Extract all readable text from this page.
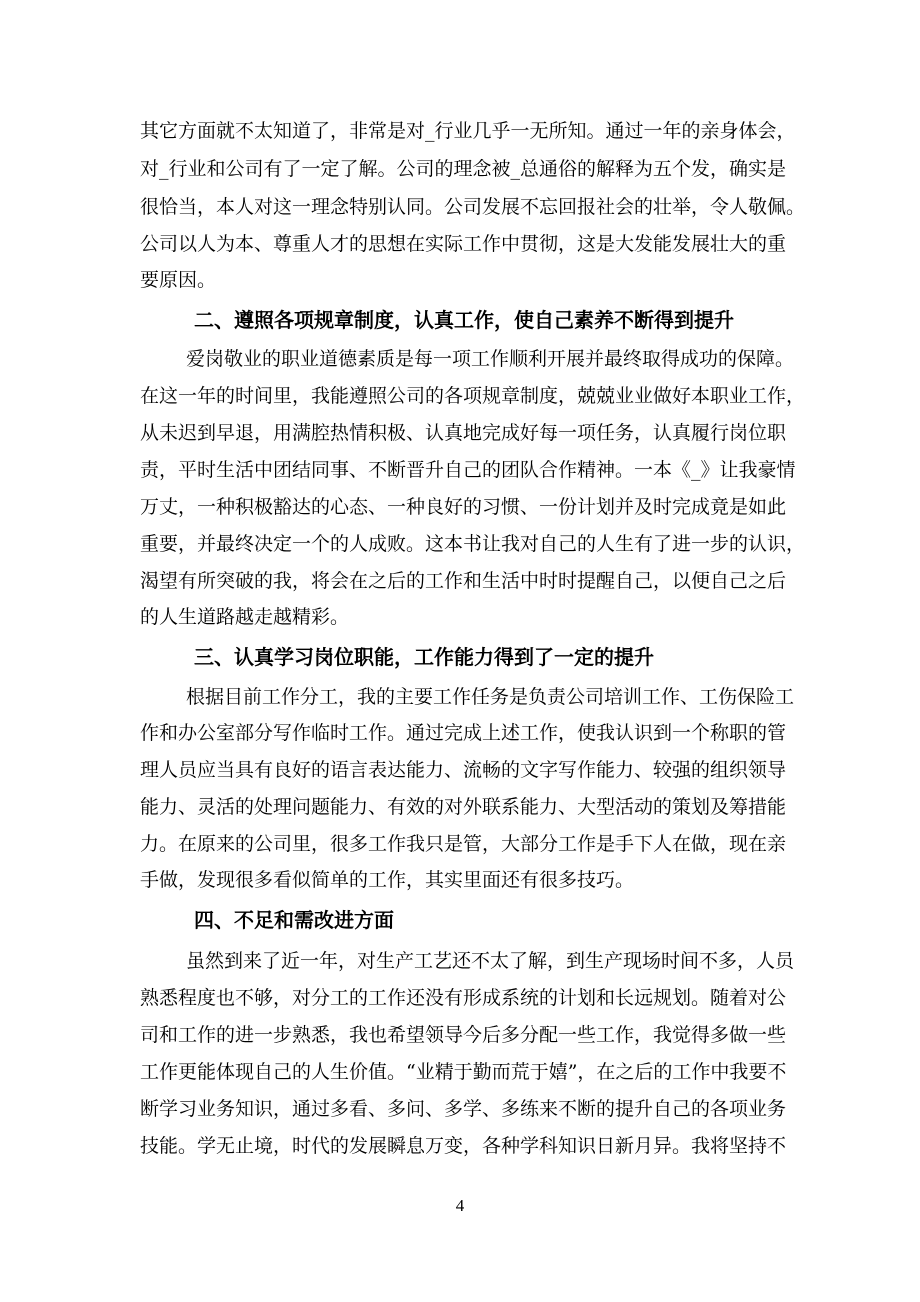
其它方面就不太知道了，非常是对_行业几乎一无所知。通过一年的亲身体会，
对_行业和公司有了一定了解。公司的理念被_总通俗的解释为五个发，确实是
很恰当，本人对这一理念特别认同。公司发展不忘回报社会的壮举，令人敬佩。
公司以人为本、尊重人才的思想在实际工作中贯彻，这是大发能发展壮大的重
要原因。
二、遵照各项规章制度，认真工作，使自己素养不断得到提升
爱岗敬业的职业道德素质是每一项工作顺利开展并最终取得成功的保障。
在这一年的时间里，我能遵照公司的各项规章制度，兢兢业业做好本职业工作，
从未迟到早退，用满腔热情积极、认真地完成好每一项任务，认真履行岗位职
责，平时生活中团结同事、不断晋升自己的团队合作精神。一本《_》让我豪情
万丈，一种积极豁达的心态、一种良好的习惯、一份计划并及时完成竟是如此
重要，并最终决定一个的人成败。这本书让我对自己的人生有了进一步的认识，
渴望有所突破的我，将会在之后的工作和生活中时时提醒自己，以便自己之后
的人生道路越走越精彩。
三、认真学习岗位职能，工作能力得到了一定的提升
根据目前工作分工，我的主要工作任务是负责公司培训工作、工伤保险工
作和办公室部分写作临时工作。通过完成上述工作，使我认识到一个称职的管
理人员应当具有良好的语言表达能力、流畅的文字写作能力、较强的组织领导
能力、灵活的处理问题能力、有效的对外联系能力、大型活动的策划及筹措能
力。在原来的公司里，很多工作我只是管，大部分工作是手下人在做，现在亲
手做，发现很多看似简单的工作，其实里面还有很多技巧。
四、不足和需改进方面
虽然到来了近一年，对生产工艺还不太了解，到生产现场时间不多，人员
熟悉程度也不够，对分工的工作还没有形成系统的计划和长远规划。随着对公
司和工作的进一步熟悉，我也希望领导今后多分配一些工作，我觉得多做一些
工作更能体现自己的人生价值。“业精于勤而荒于嬉”，在之后的工作中我要不
断学习业务知识，通过多看、多问、多学、多练来不断的提升自己的各项业务
技能。学无止境，时代的发展瞬息万变，各种学科知识日新月异。我将坚持不
4
